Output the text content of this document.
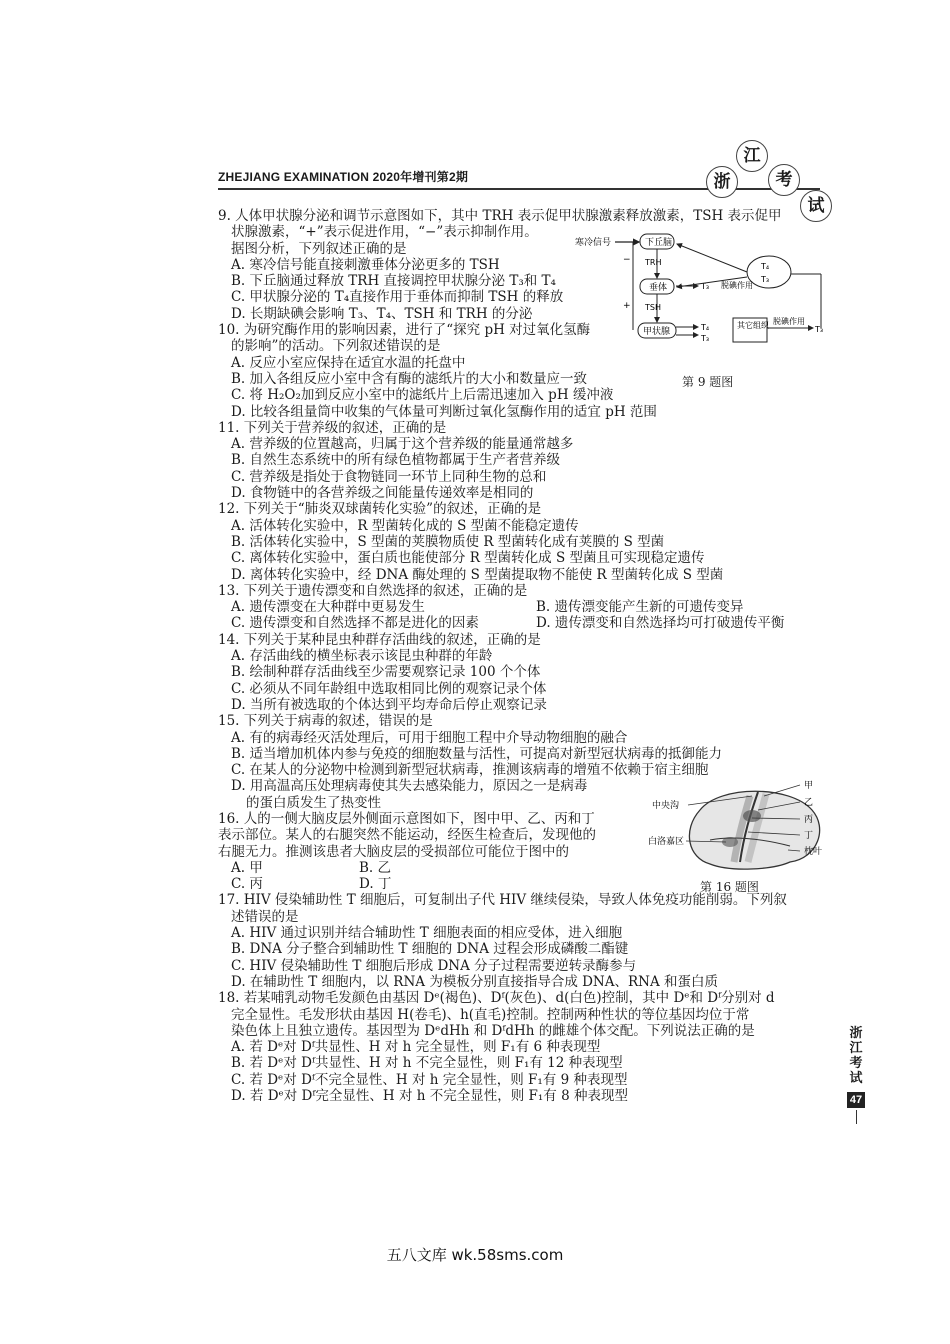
ZHEJIANG EXAMINATION 2020年增刊第2期	浙
江
考
试
寒冷信号	下丘脑
TRH
垂体
TSH
甲状腺
−
+
T₃
T₄
T₃
T₄
T₃
脱碘作用
其它组织 脱碘作用
T₃
第 9 题图
中央沟
白洛嘉区
甲
乙
丙
丁
枕叶
第 16 题图
9. 人体甲状腺分泌和调节示意图如下，其中 TRH 表示促甲状腺激素释放激素，TSH 表示促甲
状腺激素，“+”表示促进作用，“−”表示抑制作用。
据图分析，下列叙述正确的是
A. 寒冷信号能直接刺激垂体分泌更多的 TSH
B. 下丘脑通过释放 TRH 直接调控甲状腺分泌 T₃和 T₄
C. 甲状腺分泌的 T₄直接作用于垂体而抑制 TSH 的释放
D. 长期缺碘会影响 T₃、T₄、TSH 和 TRH 的分泌
10. 为研究酶作用的影响因素，进行了“探究 pH 对过氧化氢酶
的影响”的活动。下列叙述错误的是
A. 反应小室应保持在适宜水温的托盘中
B. 加入各组反应小室中含有酶的滤纸片的大小和数量应一致
C. 将 H₂O₂加到反应小室中的滤纸片上后需迅速加入 pH 缓冲液
D. 比较各组量筒中收集的气体量可判断过氧化氢酶作用的适宜 pH 范围
11. 下列关于营养级的叙述，正确的是
A. 营养级的位置越高，归属于这个营养级的能量通常越多
B. 自然生态系统中的所有绿色植物都属于生产者营养级
C. 营养级是指处于食物链同一环节上同种生物的总和
D. 食物链中的各营养级之间能量传递效率是相同的
12. 下列关于“肺炎双球菌转化实验”的叙述，正确的是
A. 活体转化实验中，R 型菌转化成的 S 型菌不能稳定遗传
B. 活体转化实验中，S 型菌的荚膜物质使 R 型菌转化成有荚膜的 S 型菌
C. 离体转化实验中，蛋白质也能使部分 R 型菌转化成 S 型菌且可实现稳定遗传
D. 离体转化实验中，经 DNA 酶处理的 S 型菌提取物不能使 R 型菌转化成 S 型菌
13. 下列关于遗传漂变和自然选择的叙述，正确的是
A. 遗传漂变在大种群中更易发生	B. 遗传漂变能产生新的可遗传变异
C. 遗传漂变和自然选择不都是进化的因素	D. 遗传漂变和自然选择均可打破遗传平衡
14. 下列关于某种昆虫种群存活曲线的叙述，正确的是
A. 存活曲线的横坐标表示该昆虫种群的年龄
B. 绘制种群存活曲线至少需要观察记录 100 个个体
C. 必须从不同年龄组中选取相同比例的观察记录个体
D. 当所有被选取的个体达到平均寿命后停止观察记录
15. 下列关于病毒的叙述，错误的是
A. 有的病毒经灭活处理后，可用于细胞工程中介导动物细胞的融合
B. 适当增加机体内参与免疫的细胞数量与活性，可提高对新型冠状病毒的抵御能力
C. 在某人的分泌物中检测到新型冠状病毒，推测该病毒的增殖不依赖于宿主细胞
D. 用高温高压处理病毒使其失去感染能力，原因之一是病毒
的蛋白质发生了热变性
16. 人的一侧大脑皮层外侧面示意图如下，图中甲、乙、丙和丁表示部位。某人的右腿突然不能运动，经医生检查后，发现他的右腿无力。推测该患者大脑皮层的受损部位可能位于图中的
A. 甲	B. 乙
C. 丙	D. 丁
17. HIV 侵染辅助性 T 细胞后，可复制出子代 HIV 继续侵染，导致人体免疫功能削弱。下列叙
述错误的是
A. HIV 通过识别并结合辅助性 T 细胞表面的相应受体，进入细胞
B. DNA 分子整合到辅助性 T 细胞的 DNA 过程会形成磷酸二酯键
C. HIV 侵染辅助性 T 细胞后形成 DNA 分子过程需要逆转录酶参与
D. 在辅助性 T 细胞内，以 RNA 为模板分别直接指导合成 DNA、RNA 和蛋白质
18. 若某哺乳动物毛发颜色由基因 Dᵉ(褐色)、Dᶠ(灰色)、d(白色)控制，其中 Dᵉ和 Dᶠ分别对 d
完全显性。毛发形状由基因 H(卷毛)、h(直毛)控制。控制两种性状的等位基因均位于常
染色体上且独立遗传。基因型为 DᵉdHh 和 DᶠdHh 的雌雄个体交配。下列说法正确的是
A. 若 Dᵉ对 Dᶠ共显性、H 对 h 完全显性，则 F₁有 6 种表现型
B. 若 Dᵉ对 Dᶠ共显性、H 对 h 不完全显性，则 F₁有 12 种表现型
C. 若 Dᵉ对 Dᶠ不完全显性、H 对 h 完全显性，则 F₁有 9 种表现型
D. 若 Dᵉ对 Dᶠ完全显性、H 对 h 不完全显性，则 F₁有 8 种表现型
浙江考试
47
五八文库 wk.58sms.com
